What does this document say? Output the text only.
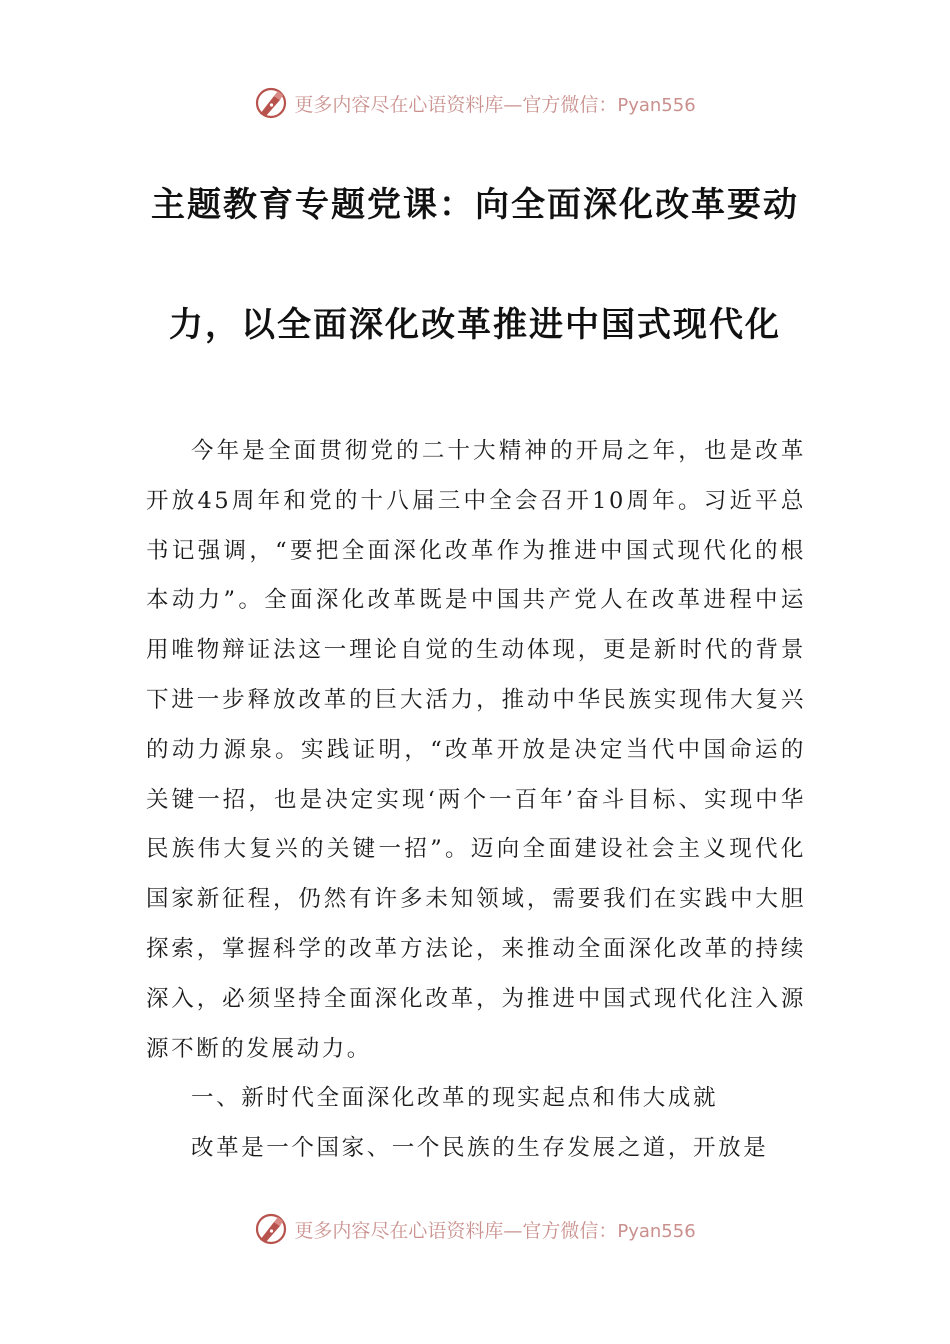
更多内容尽在心语资料库—官方微信：Pyan556
主题教育专题党课：向全面深化改革要动
力，以全面深化改革推进中国式现代化

今年是全面贯彻党的二十大精神的开局之年，也是改革开放45周年和党的十八届三中全会召开10周年。习近平总书记强调，“要把全面深化改革作为推进中国式现代化的根本动力”。全面深化改革既是中国共产党人在改革进程中运用唯物辩证法这一理论自觉的生动体现，更是新时代的背景下进一步释放改革的巨大活力，推动中华民族实现伟大复兴的动力源泉。实践证明，“改革开放是决定当代中国命运的关键一招，也是决定实现‘两个一百年’奋斗目标、实现中华民族伟大复兴的关键一招”。迈向全面建设社会主义现代化国家新征程，仍然有许多未知领域，需要我们在实践中大胆探索，掌握科学的改革方法论，来推动全面深化改革的持续深入，必须坚持全面深化改革，为推进中国式现代化注入源源不断的发展动力。

一、新时代全面深化改革的现实起点和伟大成就

改革是一个国家、一个民族的生存发展之道，开放是

更多内容尽在心语资料库—官方微信：Pyan556
